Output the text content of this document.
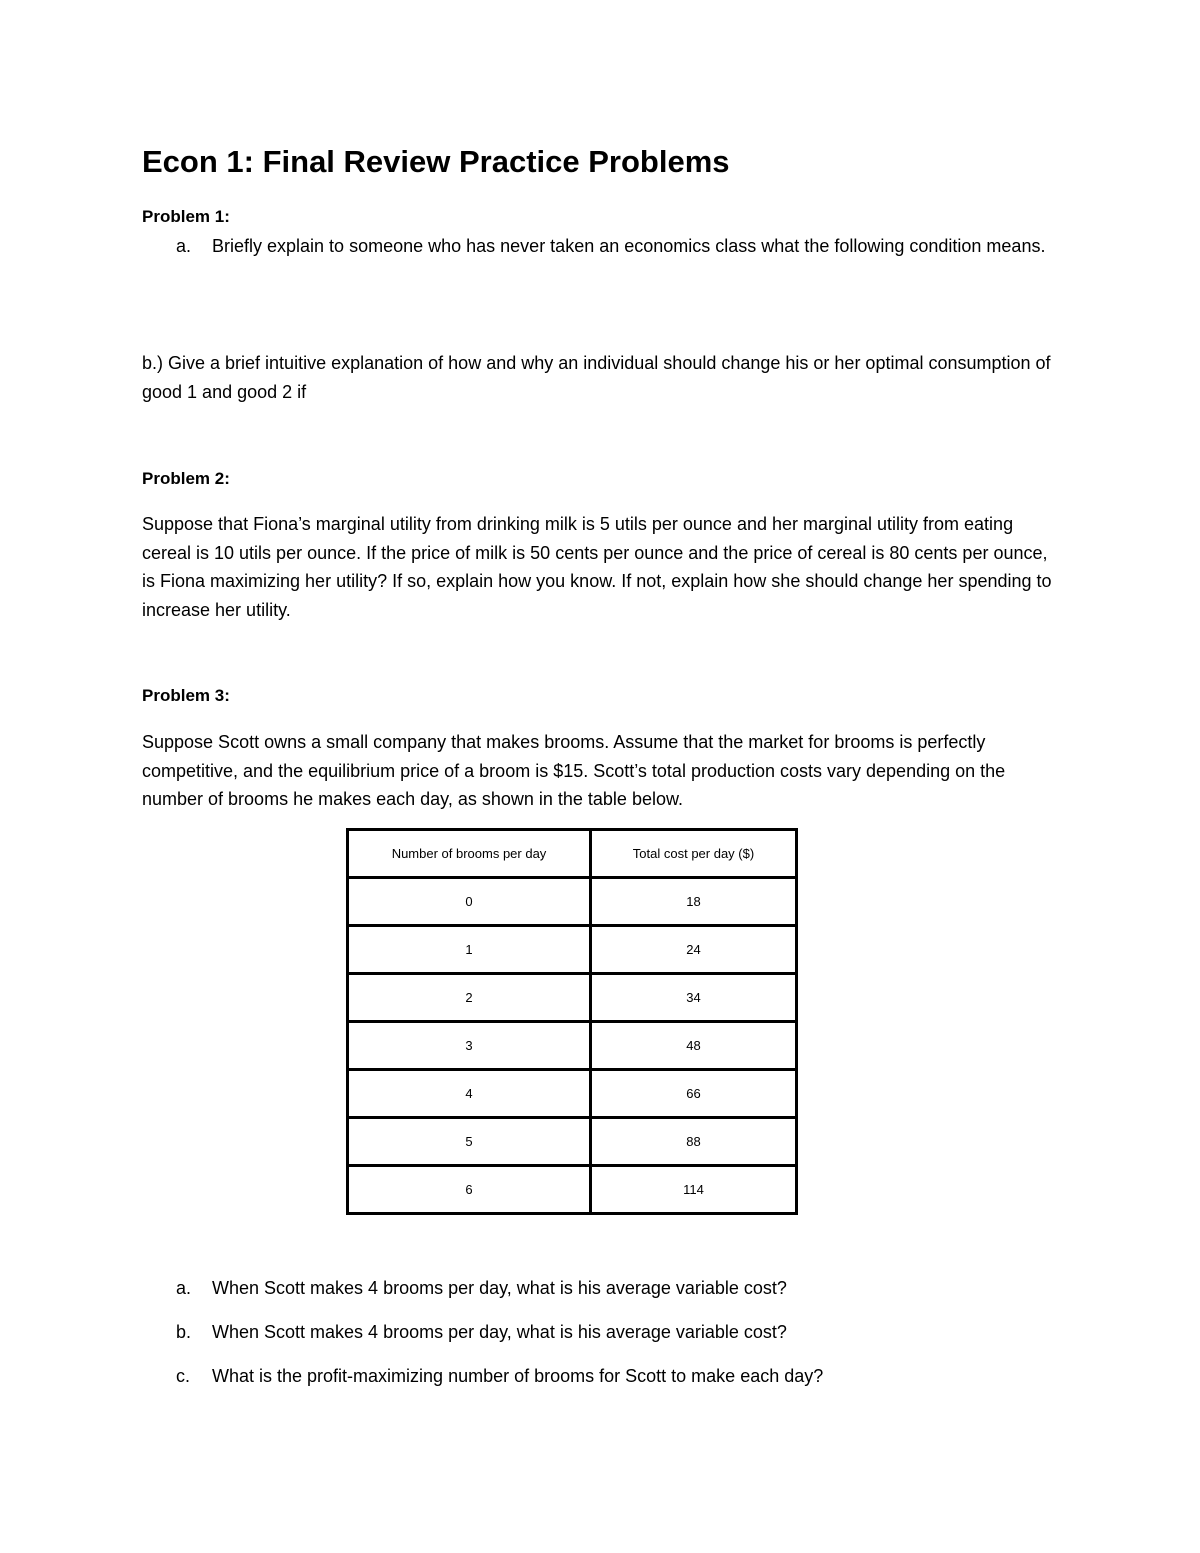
Econ 1: Final Review Practice Problems
Problem 1:
a. Briefly explain to someone who has never taken an economics class what the following condition means.
b.) Give a brief intuitive explanation of how and why an individual should change his or her optimal consumption of good 1 and good 2 if
Problem 2:
Suppose that Fiona’s marginal utility from drinking milk is 5 utils per ounce and her marginal utility from eating cereal is 10 utils per ounce. If the price of milk is 50 cents per ounce and the price of cereal is 80 cents per ounce, is Fiona maximizing her utility? If so, explain how you know. If not, explain how she should change her spending to increase her utility.
Problem 3:
Suppose Scott owns a small company that makes brooms. Assume that the market for brooms is perfectly competitive, and the equilibrium price of a broom is $15. Scott’s total production costs vary depending on the number of brooms he makes each day, as shown in the table below.
Number of brooms per day	Total cost per day ($)
0	18
1	24
2	34
3	48
4	66
5	88
6	114
a. When Scott makes 4 brooms per day, what is his average variable cost?
b. When Scott makes 4 brooms per day, what is his average variable cost?
c. What is the profit-maximizing number of brooms for Scott to make each day?
